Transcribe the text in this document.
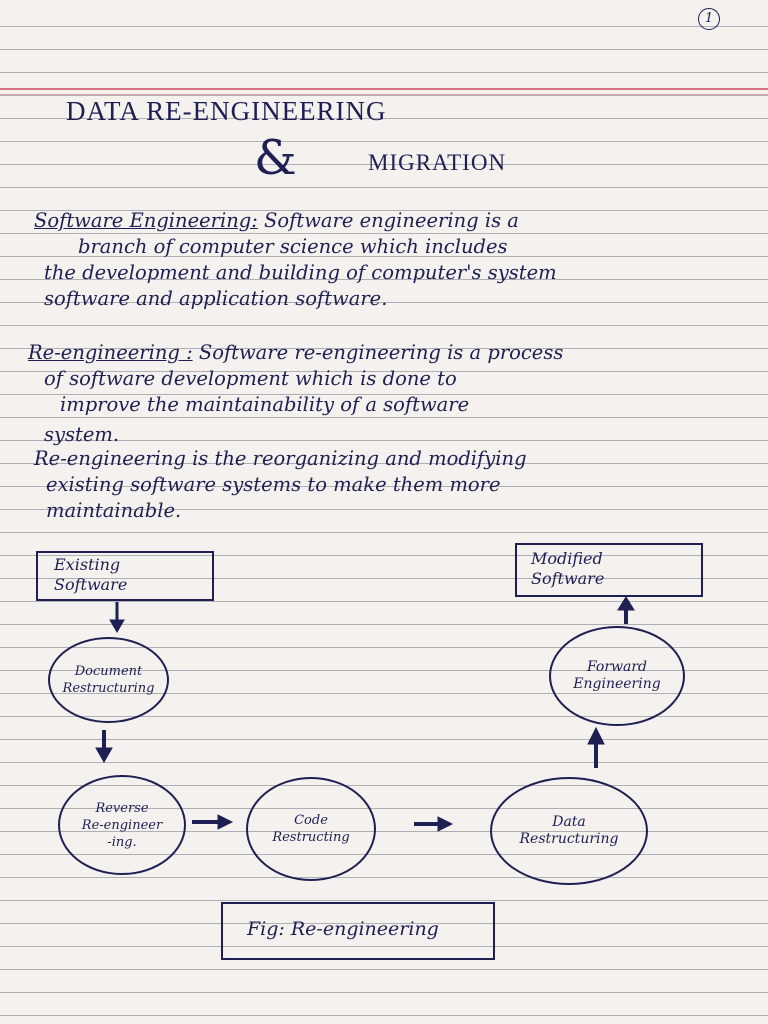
1
DATA RE-ENGINEERING
&	MIGRATION
Software Engineering: Software engineering is a
branch of computer science which includes
the development and building of computer's system
software and application software.
Re-engineering : Software re-engineering is a process
of software development which is done to
improve the maintainability of a software
system.
Re-engineering is the reorganizing and modifying
existing software systems to make them more
maintainable.
Existing
Software
Document
Restructuring
Reverse
Re-engineer
-ing.
Code
Restructing
Data
Restructuring
Forward
Engineering
Modified
Software
Fig: Re-engineering
